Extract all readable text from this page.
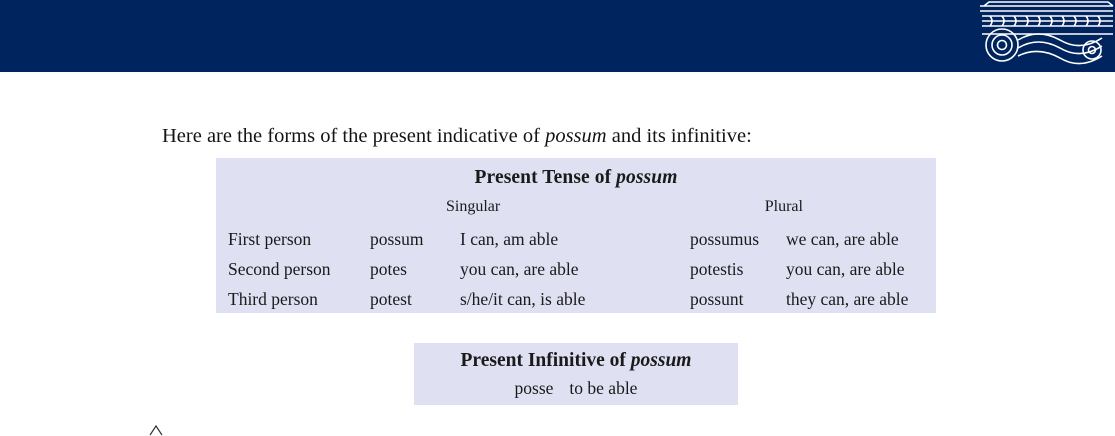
Here are the forms of the present indicative of possum and its infinitive:

Present Tense of possum
Singular	Plural
First person	possum	I can, am able	possumus	we can, are able
Second person	potes	you can, are able	potestis	you can, are able
Third person	potest	s/he/it can, is able	possunt	they can, are able
Present Infinitive of possum
posse to be able
